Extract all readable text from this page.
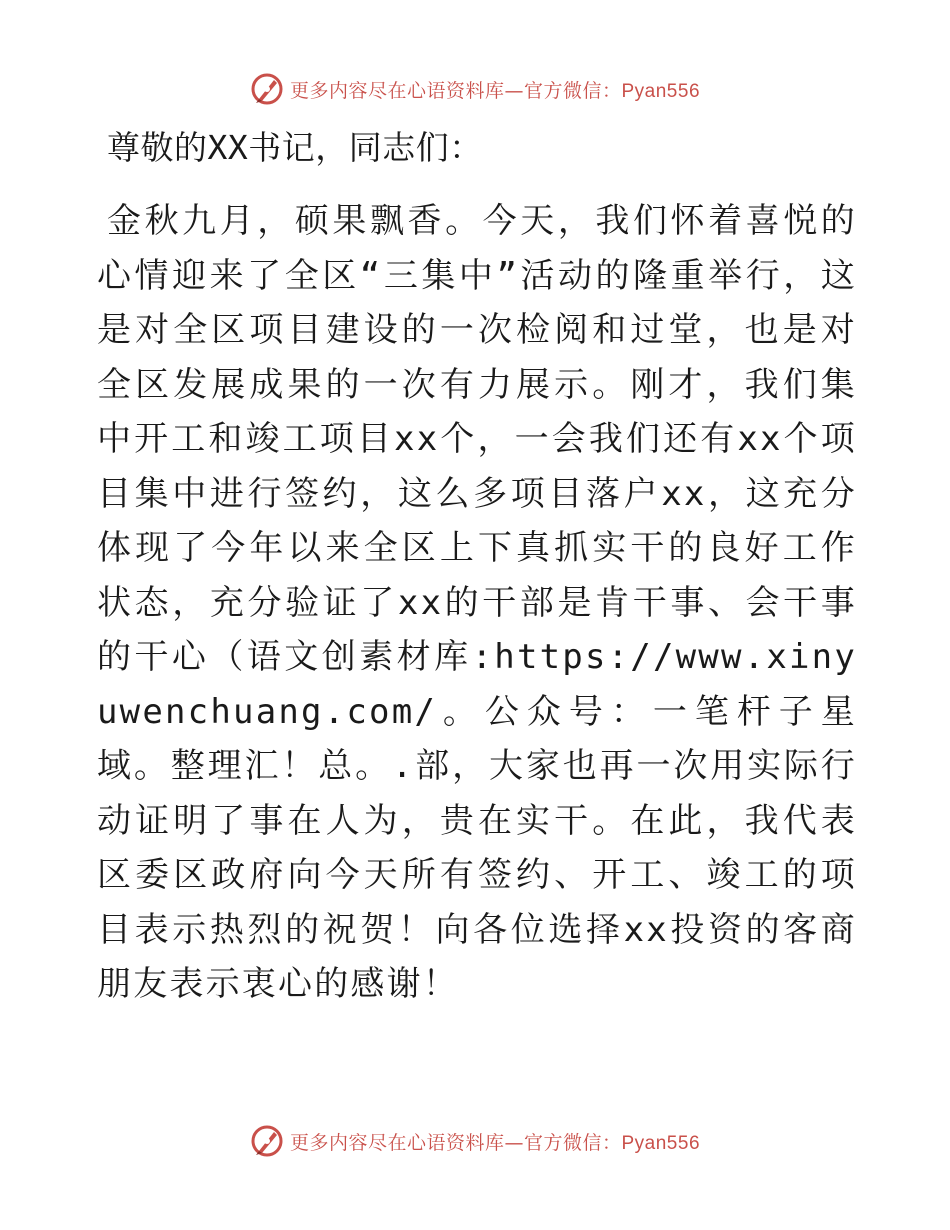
更多内容尽在心语资料库—官方微信：Pyan556

尊敬的XX书记，同志们：

金秋九月，硕果飘香。今天，我们怀着喜悦的心情迎来了全区“三集中”活动的隆重举行，这是对全区项目建设的一次检阅和过堂，也是对全区发展成果的一次有力展示。刚才，我们集中开工和竣工项目xx个，一会我们还有xx个项目集中进行签约，这么多项目落户xx，这充分体现了今年以来全区上下真抓实干的良好工作状态，充分验证了xx的干部是肯干事、会干事的干心（语文创素材库:https://www.xinyuwenchuang.com/。公众号：一笔杆子星域。整理汇！总。.部，大家也再一次用实际行动证明了事在人为，贵在实干。在此，我代表区委区政府向今天所有签约、开工、竣工的项目表示热烈的祝贺！向各位选择xx投资的客商朋友表示衷心的感谢！

更多内容尽在心语资料库—官方微信：Pyan556
